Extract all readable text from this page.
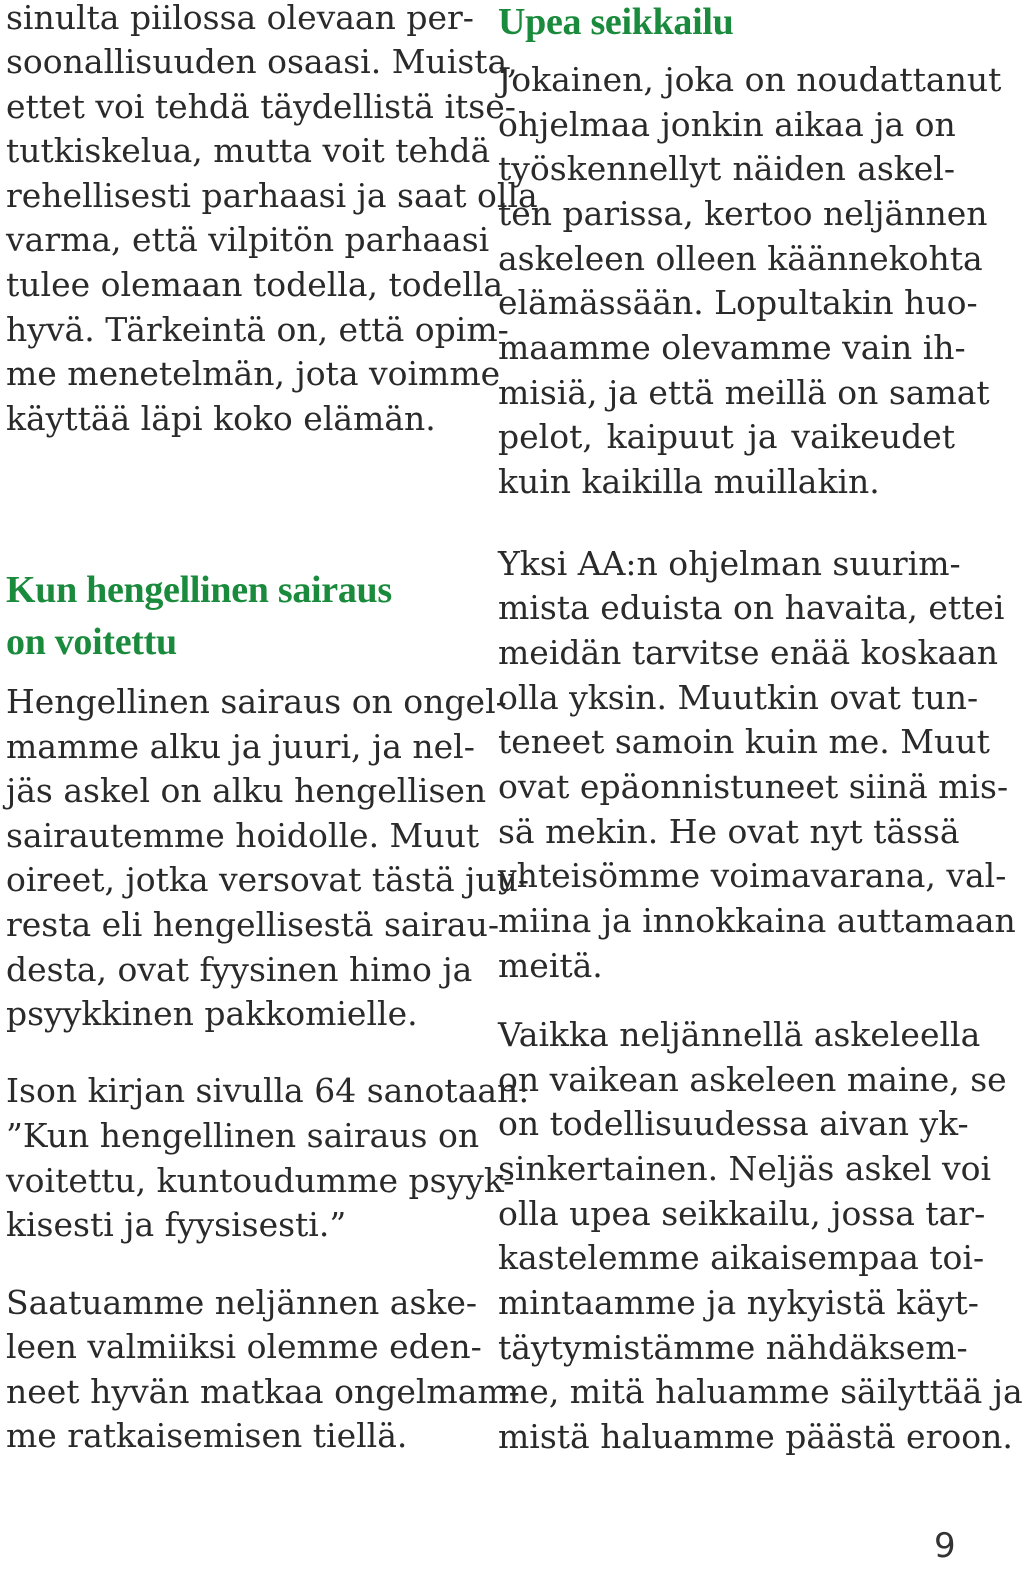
sinulta piilossa olevaan per-

soonallisuuden osaasi. Muista,

ettet voi tehdä täydellistä itse-

tutkiskelua, mutta voit tehdä

rehellisesti parhaasi ja saat olla

varma, että vilpitön parhaasi

tulee olemaan todella, todella

hyvä. Tärkeintä on, että opim-

me menetelmän, jota voimme

käyttää läpi koko elämän.

Kun hengellinen sairaus

on voitettu

Hengellinen sairaus on ongel-

mamme alku ja juuri, ja nel-

jäs askel on alku hengellisen

sairautemme hoidolle. Muut

oireet, jotka versovat tästä juu-

resta eli hengellisestä sairau-

desta, ovat fyysinen himo ja

psyykkinen pakkomielle.

Ison kirjan sivulla 64 sanotaan:

”Kun hengellinen sairaus on

voitettu, kuntoudumme psyyk-

kisesti ja fyysisesti.”

Saatuamme neljännen aske-

leen valmiiksi olemme eden-

neet hyvän matkaa ongelmam-

me ratkaisemisen tiellä.

Upea seikkailu

Jokainen, joka on noudattanut

ohjelmaa jonkin aikaa ja on

työskennellyt näiden askel-

ten parissa, kertoo neljännen

askeleen olleen käännekohta

elämässään. Lopultakin huo-

maamme olevamme vain ih-

misiä, ja että meillä on samat

pelot, kaipuut ja vaikeudet

kuin kaikilla muillakin.

Yksi AA:n ohjelman suurim-

mista eduista on havaita, ettei

meidän tarvitse enää koskaan

olla yksin. Muutkin ovat tun-

teneet samoin kuin me. Muut

ovat epäonnistuneet siinä mis-

sä mekin. He ovat nyt tässä

yhteisömme voimavarana, val-

miina ja innokkaina auttamaan

meitä.

Vaikka neljännellä askeleella

on vaikean askeleen maine, se

on todellisuudessa aivan yk-

sinkertainen. Neljäs askel voi

olla upea seikkailu, jossa tar-

kastelemme aikaisempaa toi-

mintaamme ja nykyistä käyt-

täytymistämme nähdäksem-

me, mitä haluamme säilyttää ja

mistä haluamme päästä eroon.

9
